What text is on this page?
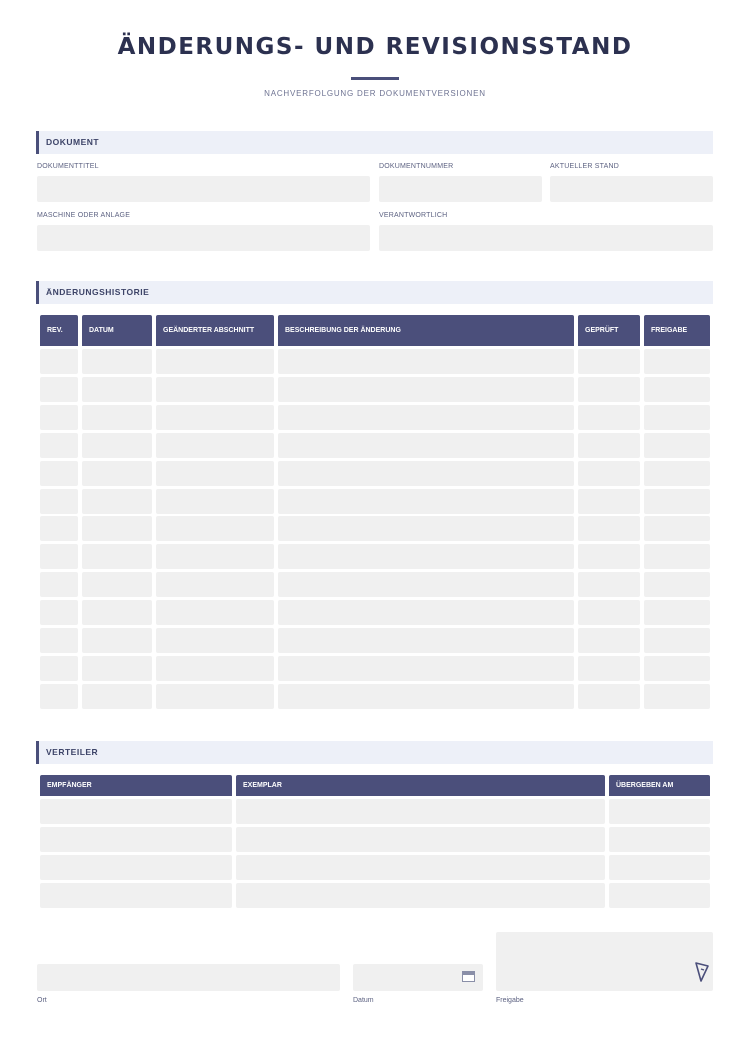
ÄNDERUNGS- UND REVISIONSSTAND
NACHVERFOLGUNG DER DOKUMENTVERSIONEN
DOKUMENT
DOKUMENTTITEL	DOKUMENTNUMMER	AKTUELLER STAND
MASCHINE ODER ANLAGE	VERANTWORTLICH
ÄNDERUNGSHISTORIE
REV.	DATUM	GEÄNDERTER ABSCHNITT	BESCHREIBUNG DER ÄNDERUNG	GEPRÜFT	FREIGABE
VERTEILER
EMPFÄNGER	EXEMPLAR	ÜBERGEBEN AM
Ort	Datum	Freigabe
